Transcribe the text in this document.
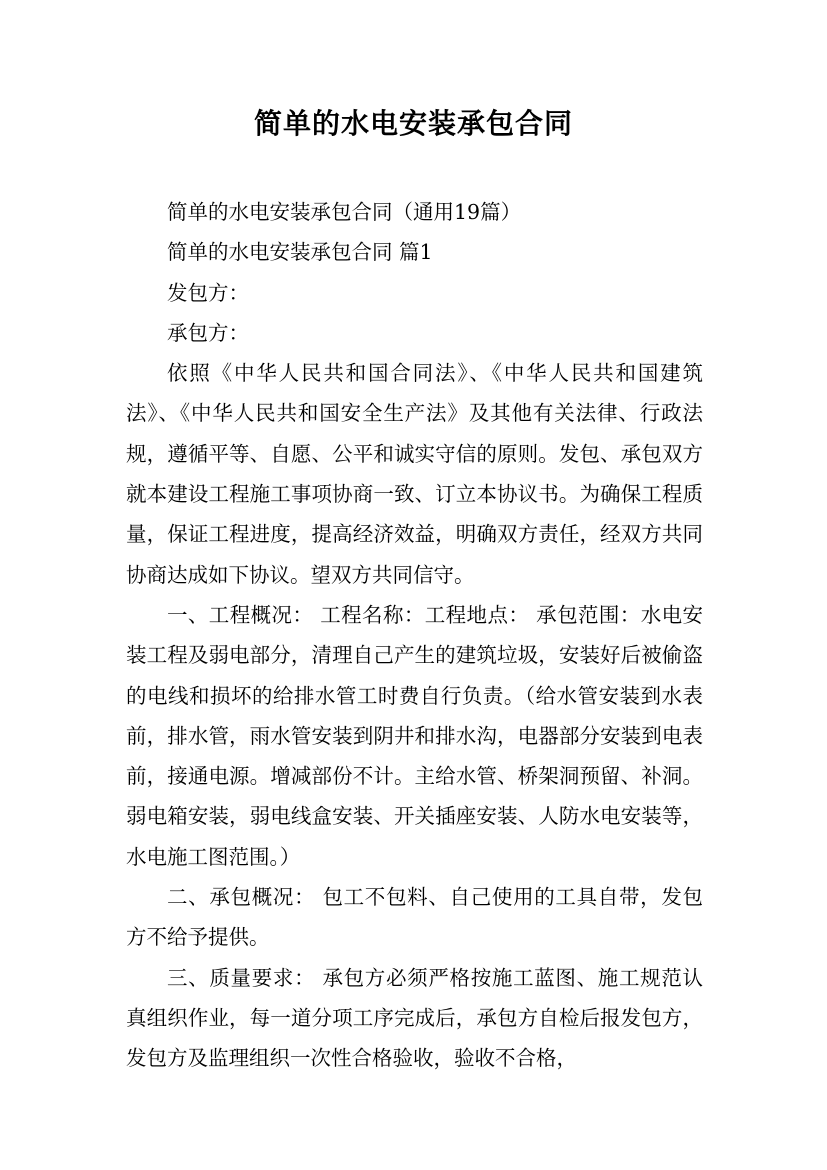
简单的水电安装承包合同

简单的水电安装承包合同（通用19篇）

简单的水电安装承包合同 篇1

发包方：

承包方：

依照《中华人民共和国合同法》、《中华人民共和国建筑法》、《中华人民共和国安全生产法》及其他有关法律、行政法规，遵循平等、自愿、公平和诚实守信的原则。发包、承包双方就本建设工程施工事项协商一致、订立本协议书。为确保工程质量，保证工程进度，提高经济效益，明确双方责任，经双方共同协商达成如下协议。望双方共同信守。

一、工程概况： 工程名称：工程地点： 承包范围：水电安装工程及弱电部分，清理自己产生的建筑垃圾，安装好后被偷盗的电线和损坏的给排水管工时费自行负责。（给水管安装到水表前，排水管，雨水管安装到阴井和排水沟，电器部分安装到电表前，接通电源。增减部份不计。主给水管、桥架洞预留、补洞。弱电箱安装，弱电线盒安装、开关插座安装、人防水电安装等，水电施工图范围。）

二、承包概况： 包工不包料、自己使用的工具自带，发包方不给予提供。

三、质量要求： 承包方必须严格按施工蓝图、施工规范认真组织作业，每一道分项工序完成后，承包方自检后报发包方，发包方及监理组织一次性合格验收，验收不合格，
